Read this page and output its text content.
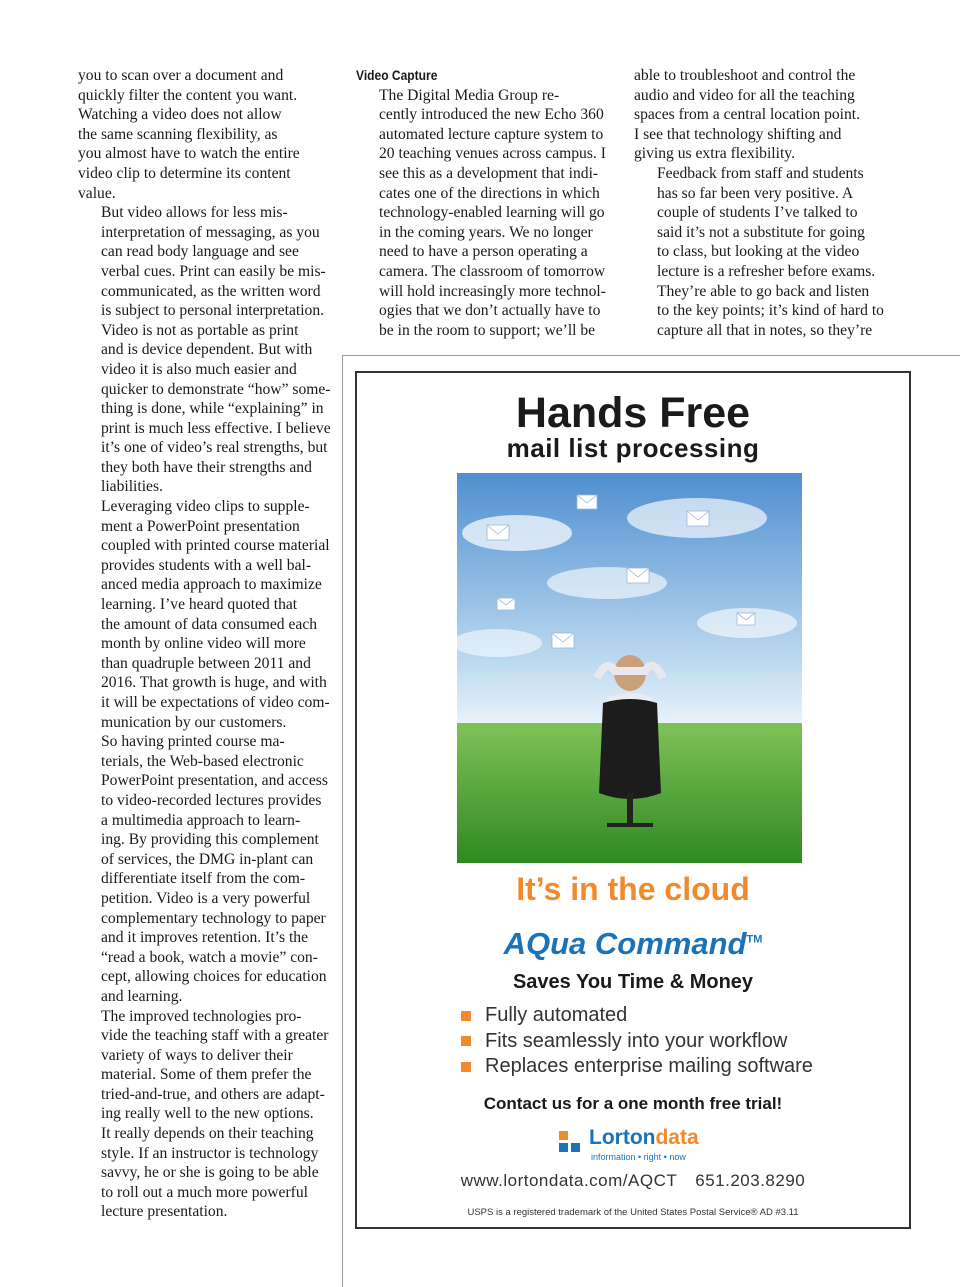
you to scan over a document and
quickly filter the content you want.
Watching a video does not allow
the same scanning flexibility, as
you almost have to watch the entire
video clip to determine its content
value.

But video allows for less mis-
interpretation of messaging, as you
can read body language and see
verbal cues. Print can easily be mis-
communicated, as the written word
is subject to personal interpretation.

Video is not as portable as print
and is device dependent. But with
video it is also much easier and
quicker to demonstrate “how” some-
thing is done, while “explaining” in
print is much less effective. I believe
it’s one of video’s real strengths, but
they both have their strengths and
liabilities.

Leveraging video clips to supple-
ment a PowerPoint presentation
coupled with printed course material
provides students with a well bal-
anced media approach to maximize
learning. I’ve heard quoted that
the amount of data consumed each
month by online video will more
than quadruple between 2011 and
2016. That growth is huge, and with
it will be expectations of video com-
munication by our customers.

So having printed course ma-
terials, the Web-based electronic
PowerPoint presentation, and access
to video-recorded lectures provides
a multimedia approach to learn-
ing. By providing this complement
of services, the DMG in-plant can
differentiate itself from the com-
petition. Video is a very powerful
complementary technology to paper
and it improves retention. It’s the
“read a book, watch a movie” con-
cept, allowing choices for education
and learning.

The improved technologies pro-
vide the teaching staff with a greater
variety of ways to deliver their
material. Some of them prefer the
tried-and-true, and others are adapt-
ing really well to the new options.
It really depends on their teaching
style. If an instructor is technology
savvy, he or she is going to be able
to roll out a much more powerful
lecture presentation.

Video Capture

The Digital Media Group re-
cently introduced the new Echo 360
automated lecture capture system to
20 teaching venues across campus. I
see this as a development that indi-
cates one of the directions in which
technology-enabled learning will go
in the coming years. We no longer
need to have a person operating a
camera. The classroom of tomorrow
will hold increasingly more technol-
ogies that we don’t actually have to
be in the room to support; we’ll be

able to troubleshoot and control the
audio and video for all the teaching
spaces from a central location point.
I see that technology shifting and
giving us extra flexibility.

Feedback from staff and students
has so far been very positive. A
couple of students I’ve talked to
said it’s not a substitute for going
to class, but looking at the video
lecture is a refresher before exams.
They’re able to go back and listen
to the key points; it’s kind of hard to
capture all that in notes, so they’re

Hands Free
mail list processing
It’s in the cloud
AQua Command™
Saves You Time & Money
Fully automated
Fits seamlessly into your workflow
Replaces enterprise mailing software
Contact us for a one month free trial!
Lortondata
information • right • now
www.lortondata.com/AQCT 651.203.8290
USPS is a registered trademark of the United States Postal Service® AD #3.11
